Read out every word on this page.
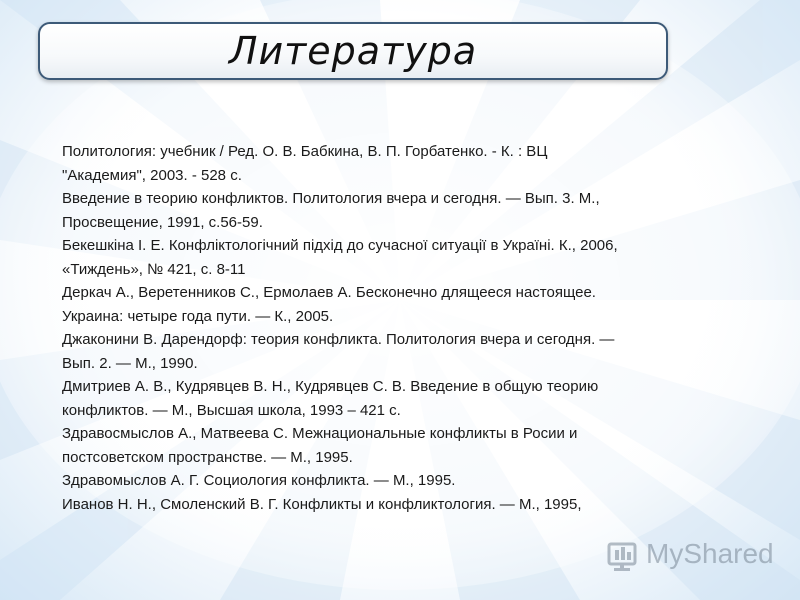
Литература
Политология: учебник / Ред. О. В. Бабкина, В. П. Горбатенко. - К. : ВЦ
"Академия", 2003. - 528 с.
Введение в теорию конфликтов. Политология вчера и сегодня. — Вып. 3. М.,
Просвещение, 1991, с.56-59.
Бекешкіна І. Е. Конфліктологічний підхід до сучасної ситуації в Україні. К., 2006,
«Тиждень», № 421, с. 8-11
Деркач А., Веретенников С., Ермолаев А. Бесконечно длящееся настоящее.
Украина: четыре года пути. — К., 2005.
Джаконини В. Дарендорф: теория конфликта. Политология вчера и сегодня. —
Вып. 2. — М., 1990.
Дмитриев А. В., Кудрявцев В. Н., Кудрявцев С. В. Введение в общую теорию
конфликтов. — М., Высшая школа, 1993 – 421 с.
Здравосмыслов А., Матвеева С. Межнациональные конфликты в Росии и
постсоветском пространстве. — М., 1995.
Здравомыслов А. Г. Социология конфликта. — М., 1995.
Иванов Н. Н., Смоленский В. Г. Конфликты и конфликтология. — М., 1995,
MyShared
